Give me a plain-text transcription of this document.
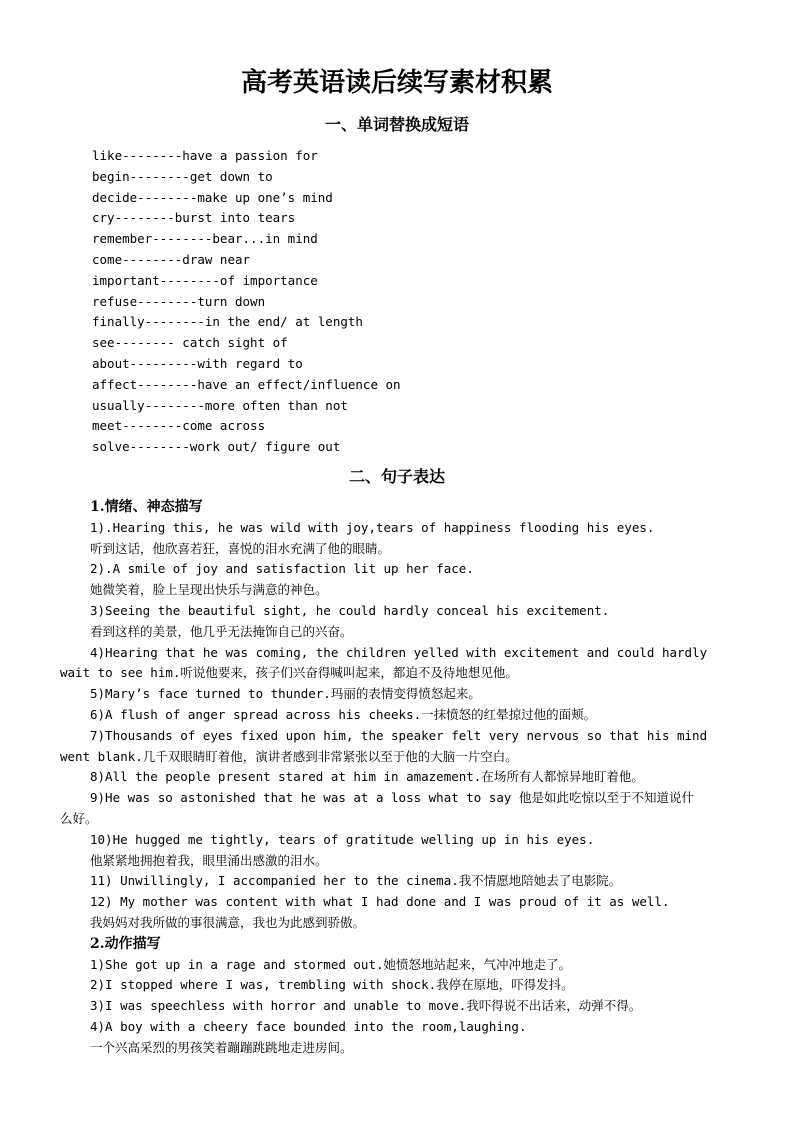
高考英语读后续写素材积累
一、单词替换成短语
like--------have a passion for
begin--------get down to
decide--------make up one’s mind
cry--------burst into tears
remember--------bear...in mind
come--------draw near
important--------of importance
refuse--------turn down
finally--------in the end/ at length
see-------- catch sight of
about---------with regard to
affect--------have an effect/influence on
usually--------more often than not
meet--------come across
solve--------work out/ figure out
二、句子表达
1.情绪、神态描写
1).Hearing this, he was wild with joy,tears of happiness flooding his eyes.
听到这话，他欣喜若狂，喜悦的泪水充满了他的眼睛。
2).A smile of joy and satisfaction lit up her face.
她微笑着，脸上呈现出快乐与满意的神色。
3)Seeing the beautiful sight, he could hardly conceal his excitement.
看到这样的美景，他几乎无法掩饰自己的兴奋。
4)Hearing that he was coming, the children yelled with excitement and could hardly
wait to see him.听说他要来，孩子们兴奋得喊叫起来，都迫不及待地想见他。
5)Mary’s face turned to thunder.玛丽的表情变得愤怒起来。
6)A flush of anger spread across his cheeks.一抹愤怒的红晕掠过他的面颊。
7)Thousands of eyes fixed upon him, the speaker felt very nervous so that his mind
went blank.几千双眼睛盯着他，演讲者感到非常紧张以至于他的大脑一片空白。
8)All the people present stared at him in amazement.在场所有人都惊异地盯着他。
9)He was so astonished that he was at a loss what to say 他是如此吃惊以至于不知道说什
么好。
10)He hugged me tightly, tears of gratitude welling up in his eyes.
他紧紧地拥抱着我，眼里涌出感激的泪水。
11) Unwillingly, I accompanied her to the cinema.我不情愿地陪她去了电影院。
12) My mother was content with what I had done and I was proud of it as well.
我妈妈对我所做的事很满意，我也为此感到骄傲。
2.动作描写
1)She got up in a rage and stormed out.她愤怒地站起来，气冲冲地走了。
2)I stopped where I was, trembling with shock.我停在原地，吓得发抖。
3)I was speechless with horror and unable to move.我吓得说不出话来，动弹不得。
4)A boy with a cheery face bounded into the room,laughing.
一个兴高采烈的男孩笑着蹦蹦跳跳地走进房间。
